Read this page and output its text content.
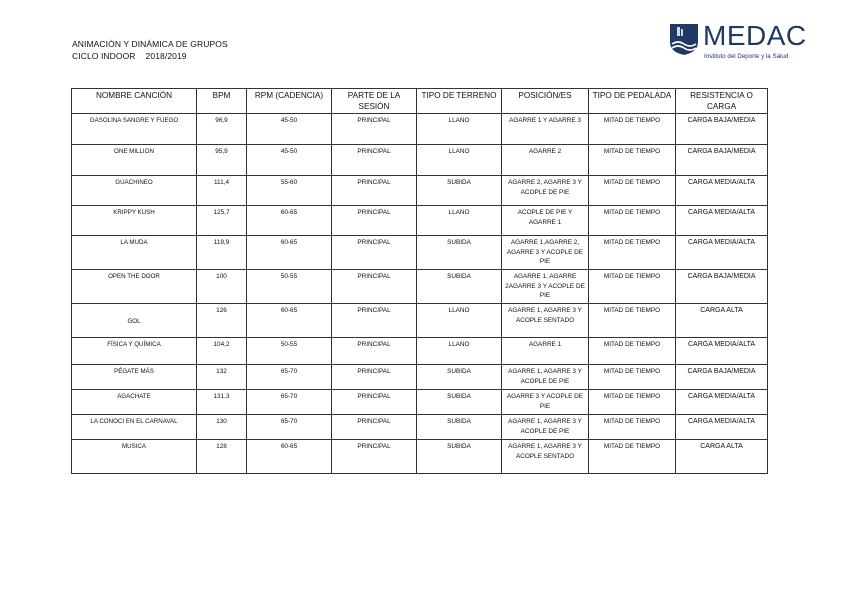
ANIMACIÓN Y DINÁMICA DE GRUPOS
CICLO INDOOR 2018/2019
MEDAC
Instituto del Deporte y la Salud
NOMBRE CANCIÓN	BPM	RPM (CADENCIA)	PARTE DE LA SESIÓN	TIPO DE TERRENO	POSICIÓN/ES	TIPO DE PEDALADA	RESISTENCIA O CARGA
GASOLINA SANGRE Y FUEGO	96,9	45-50	PRINCIPAL	LLANO	AGARRE 1 Y AGARRE 3	MITAD DE TIEMPO	CARGA BAJA/MEDIA
ONE MILLION	95,9	45-50	PRINCIPAL	LLANO	AGARRE 2	MITAD DE TIEMPO	CARGA BAJA/MEDIA
GUACHINEO	111,4	55-60	PRINCIPAL	SUBIDA	AGARRE 2, AGARRE 3 Y ACOPLE DE PIE	MITAD DE TIEMPO	CARGA MEDIA/ALTA
KRIPPY KUSH	125,7	60-65	PRINCIPAL	LLANO	ACOPLE DE PIE Y AGARRE 1	MITAD DE TIEMPO	CARGA MEDIA/ALTA
LA MUDA	119,9	60-65	PRINCIPAL	SUBIDA	AGARRE 1,AGARRE 2, AGARRE 3 Y ACOPLE DE PIE	MITAD DE TIEMPO	CARGA MEDIA/ALTA
OPEN THE DOOR	100	50-55	PRINCIPAL	SUBIDA	AGARRE 1, AGARRE 2AGARRE 3 Y ACOPLE DE PIE	MITAD DE TIEMPO	CARGA BAJA/MEDIA
GOL	126	60-65	PRINCIPAL	LLANO	AGARRE 1, AGARRE 3 Y ACOPLE SENTADO	MITAD DE TIEMPO	CARGA ALTA
FÍSICA Y QUÍMICA	104,2	50-55	PRINCIPAL	LLANO	AGARRE 1	MITAD DE TIEMPO	CARGA MEDIA/ALTA
PÉGATE MÁS	132	65-70	PRINCIPAL	SUBIDA	AGARRE 1, AGARRE 3 Y ACOPLE DE PIE	MITAD DE TIEMPO	CARGA BAJA/MEDIA
AGACHATE	131,3	65-70	PRINCIPAL	SUBIDA	AGARRE 3 Y ACOPLE DE PIE	MITAD DE TIEMPO	CARGA MEDIA/ALTA
LA CONOCI EN EL CARNAVAL	130	65-70	PRINCIPAL	SUBIDA	AGARRE 1, AGARRE 3 Y ACOPLE DE PIE	MITAD DE TIEMPO	CARGA MEDIA/ALTA
MUSICA	128	60-65	PRINCIPAL	SUBIDA	AGARRE 1, AGARRE 3 Y ACOPLE SENTADO	MITAD DE TIEMPO	CARGA ALTA
